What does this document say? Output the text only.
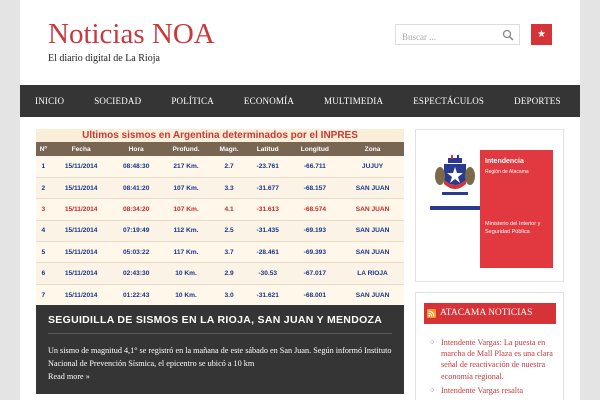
Noticias NOA
El diario digital de La Rioja
Buscar ...
★
INICIO	SOCIEDAD	POLÍTICA	ECONOMÍA	MULTIMEDIA	ESPECTÁCULOS	DEPORTES
Ultimos sismos en Argentina determinados por el INPRES
Nº	Fecha	Hora	Profund.	Magn.	Latitud	Longitud	Zona
1	15/11/2014	08:48:30	217 Km.	2.7	-23.761	-66.711	JUJUY
2	15/11/2014	08:41:20	107 Km.	3.3	-31.677	-68.157	SAN JUAN
3	15/11/2014	08:34:20	107 Km.	4.1	-31.613	-68.574	SAN JUAN
4	15/11/2014	07:19:49	112 Km.	2.5	-31.435	-69.193	SAN JUAN
5	15/11/2014	05:03:22	117 Km.	3.7	-28.461	-69.393	SAN JUAN
6	15/11/2014	02:43:30	10 Km.	2.9	-30.53	-67.017	LA RIOJA
7	15/11/2014	01:22:43	10 Km.	3.0	-31.621	-68.001	SAN JUAN

SEGUIDILLA DE SISMOS EN LA RIOJA, SAN JUAN Y MENDOZA
Un sismo de magnitud 4,1° se registró en la mañana de este sábado en San Juan. Según informó Instituto Nacional de Prevención Sísmica, el epicentro se ubicó a 10 km
Read more »
Intendencia
Región de Atacama
Ministerio del Interior y Seguridad Pública
ATACAMA NOTICIAS
○ Intendente Vargas: La puesta en marcha de Mall Plaza es una clara señal de reactivación de nuestra economía regional.
○ Intendente Vargas resalta
